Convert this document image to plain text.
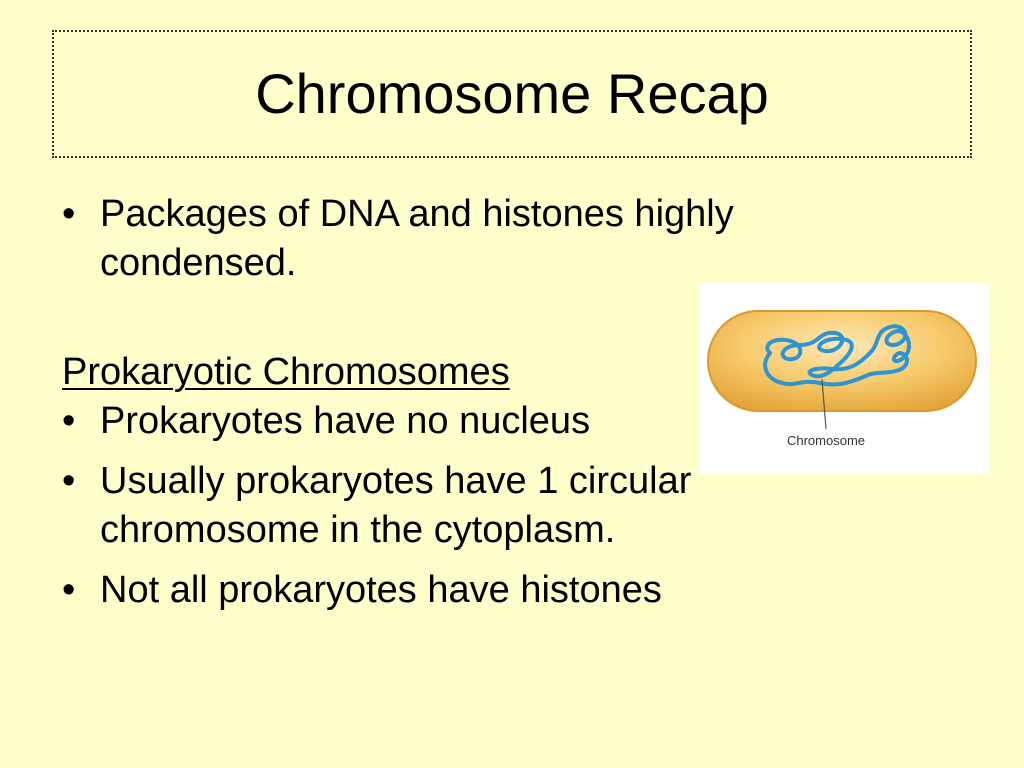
Chromosome Recap
• Packages of DNA and histones highly condensed.
Prokaryotic Chromosomes
• Prokaryotes have no nucleus
• Usually prokaryotes have 1 circular chromosome in the cytoplasm.
• Not all prokaryotes have histones
Chromosome
